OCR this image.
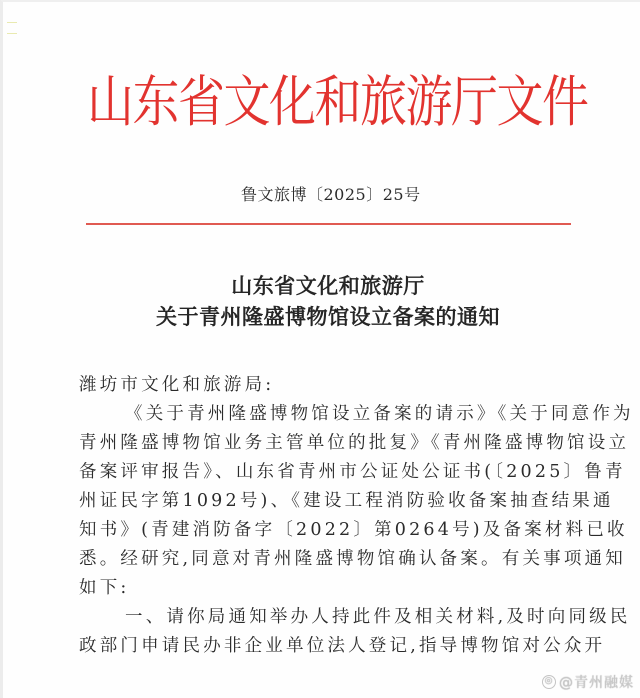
山东省文化和旅游厅文件
鲁文旅博〔2025〕25号
山东省文化和旅游厅
关于青州隆盛博物馆设立备案的通知
潍坊市文化和旅游局:
《关于青州隆盛博物馆设立备案的请示》《关于同意作为
青州隆盛博物馆业务主管单位的批复》《青州隆盛博物馆设立
备案评审报告》、山东省青州市公证处公证书(〔2025〕鲁青
州证民字第1092号)、《建设工程消防验收备案抽查结果通
知书》(青建消防备字〔2022〕第0264号)及备案材料已收
悉。经研究,同意对青州隆盛博物馆确认备案。有关事项通知
如下:
一、请你局通知举办人持此件及相关材料,及时向同级民
政部门申请民办非企业单位法人登记,指导博物馆对公众开
◎ @青州融媒
